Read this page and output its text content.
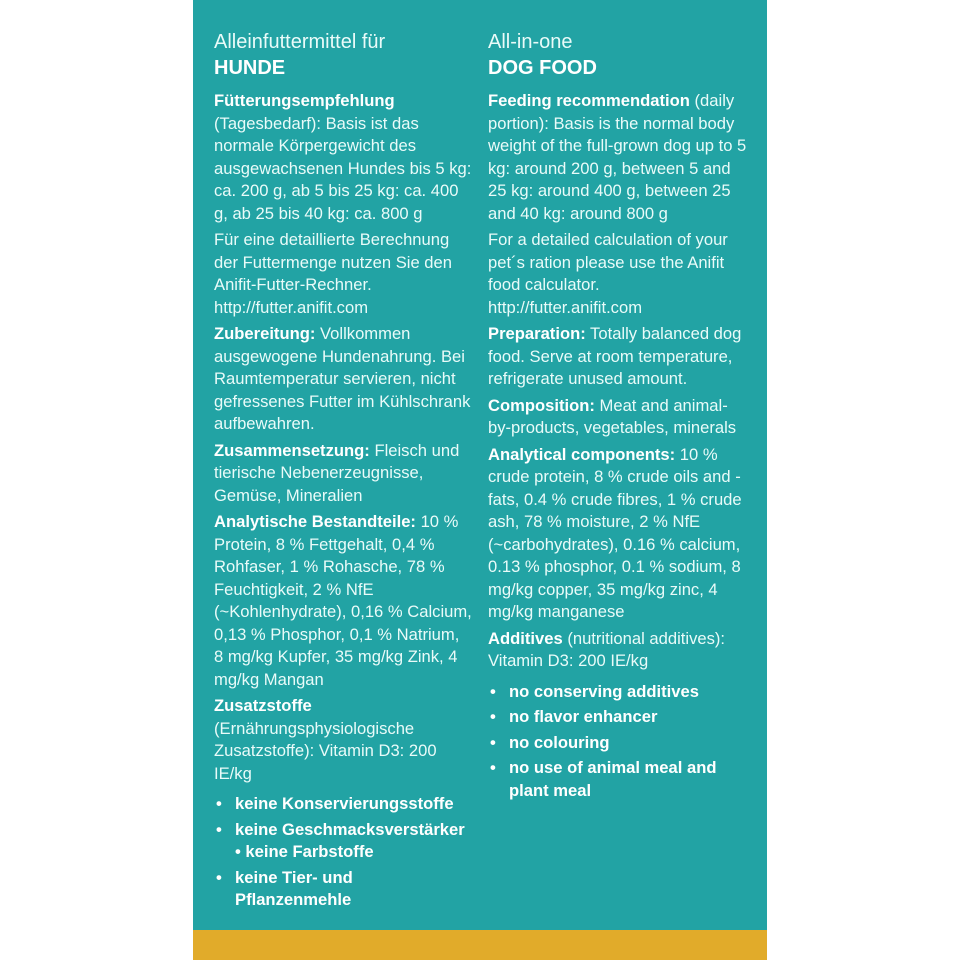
Alleinfuttermittel für
HUNDE

Fütterungsempfehlung (Tagesbedarf): Basis ist das normale Körpergewicht des ausgewachsenen Hundes bis 5 kg: ca. 200 g, ab 5 bis 25 kg: ca. 400 g, ab 25 bis 40 kg: ca. 800 g

Für eine detaillierte Berechnung der Futtermenge nutzen Sie den Anifit-Futter-Rechner.
http://futter.anifit.com

Zubereitung: Vollkommen ausgewogene Hundenahrung. Bei Raumtemperatur servieren, nicht gefressenes Futter im Kühlschrank aufbewahren.

Zusammensetzung: Fleisch und tierische Nebenerzeugnisse, Gemüse, Mineralien

Analytische Bestandteile: 10 % Protein, 8 % Fettgehalt, 0,4 % Rohfaser, 1 % Rohasche, 78 % Feuchtigkeit, 2 % NfE (~Kohlenhydrate), 0,16 % Calcium, 0,13 % Phosphor, 0,1 % Natrium, 8 mg/kg Kupfer, 35 mg/kg Zink, 4 mg/kg Mangan

Zusatzstoffe (Ernährungsphysiologische Zusatzstoffe): Vitamin D3: 200 IE/kg

• keine Konservierungsstoffe
• keine Geschmacksverstärker • keine Farbstoffe
• keine Tier- und Pflanzenmehle
All-in-one
DOG FOOD

Feeding recommendation (daily portion): Basis is the normal body weight of the full-grown dog up to 5 kg: around 200 g, between 5 and 25 kg: around 400 g, between 25 and 40 kg: around 800 g

For a detailed calculation of your pet´s ration please use the Anifit food calculator.
http://futter.anifit.com

Preparation: Totally balanced dog food. Serve at room temperature, refrigerate unused amount.

Composition: Meat and animal-by-products, vegetables, minerals

Analytical components: 10 % crude protein, 8 % crude oils and -fats, 0.4 % crude fibres, 1 % crude ash, 78 % moisture, 2 % NfE (~carbohydrates), 0.16 % calcium, 0.13 % phosphor, 0.1 % sodium, 8 mg/kg copper, 35 mg/kg zinc, 4 mg/kg manganese

Additives (nutritional additives): Vitamin D3: 200 IE/kg

• no conserving additives
• no flavor enhancer
• no colouring
• no use of animal meal and plant meal
